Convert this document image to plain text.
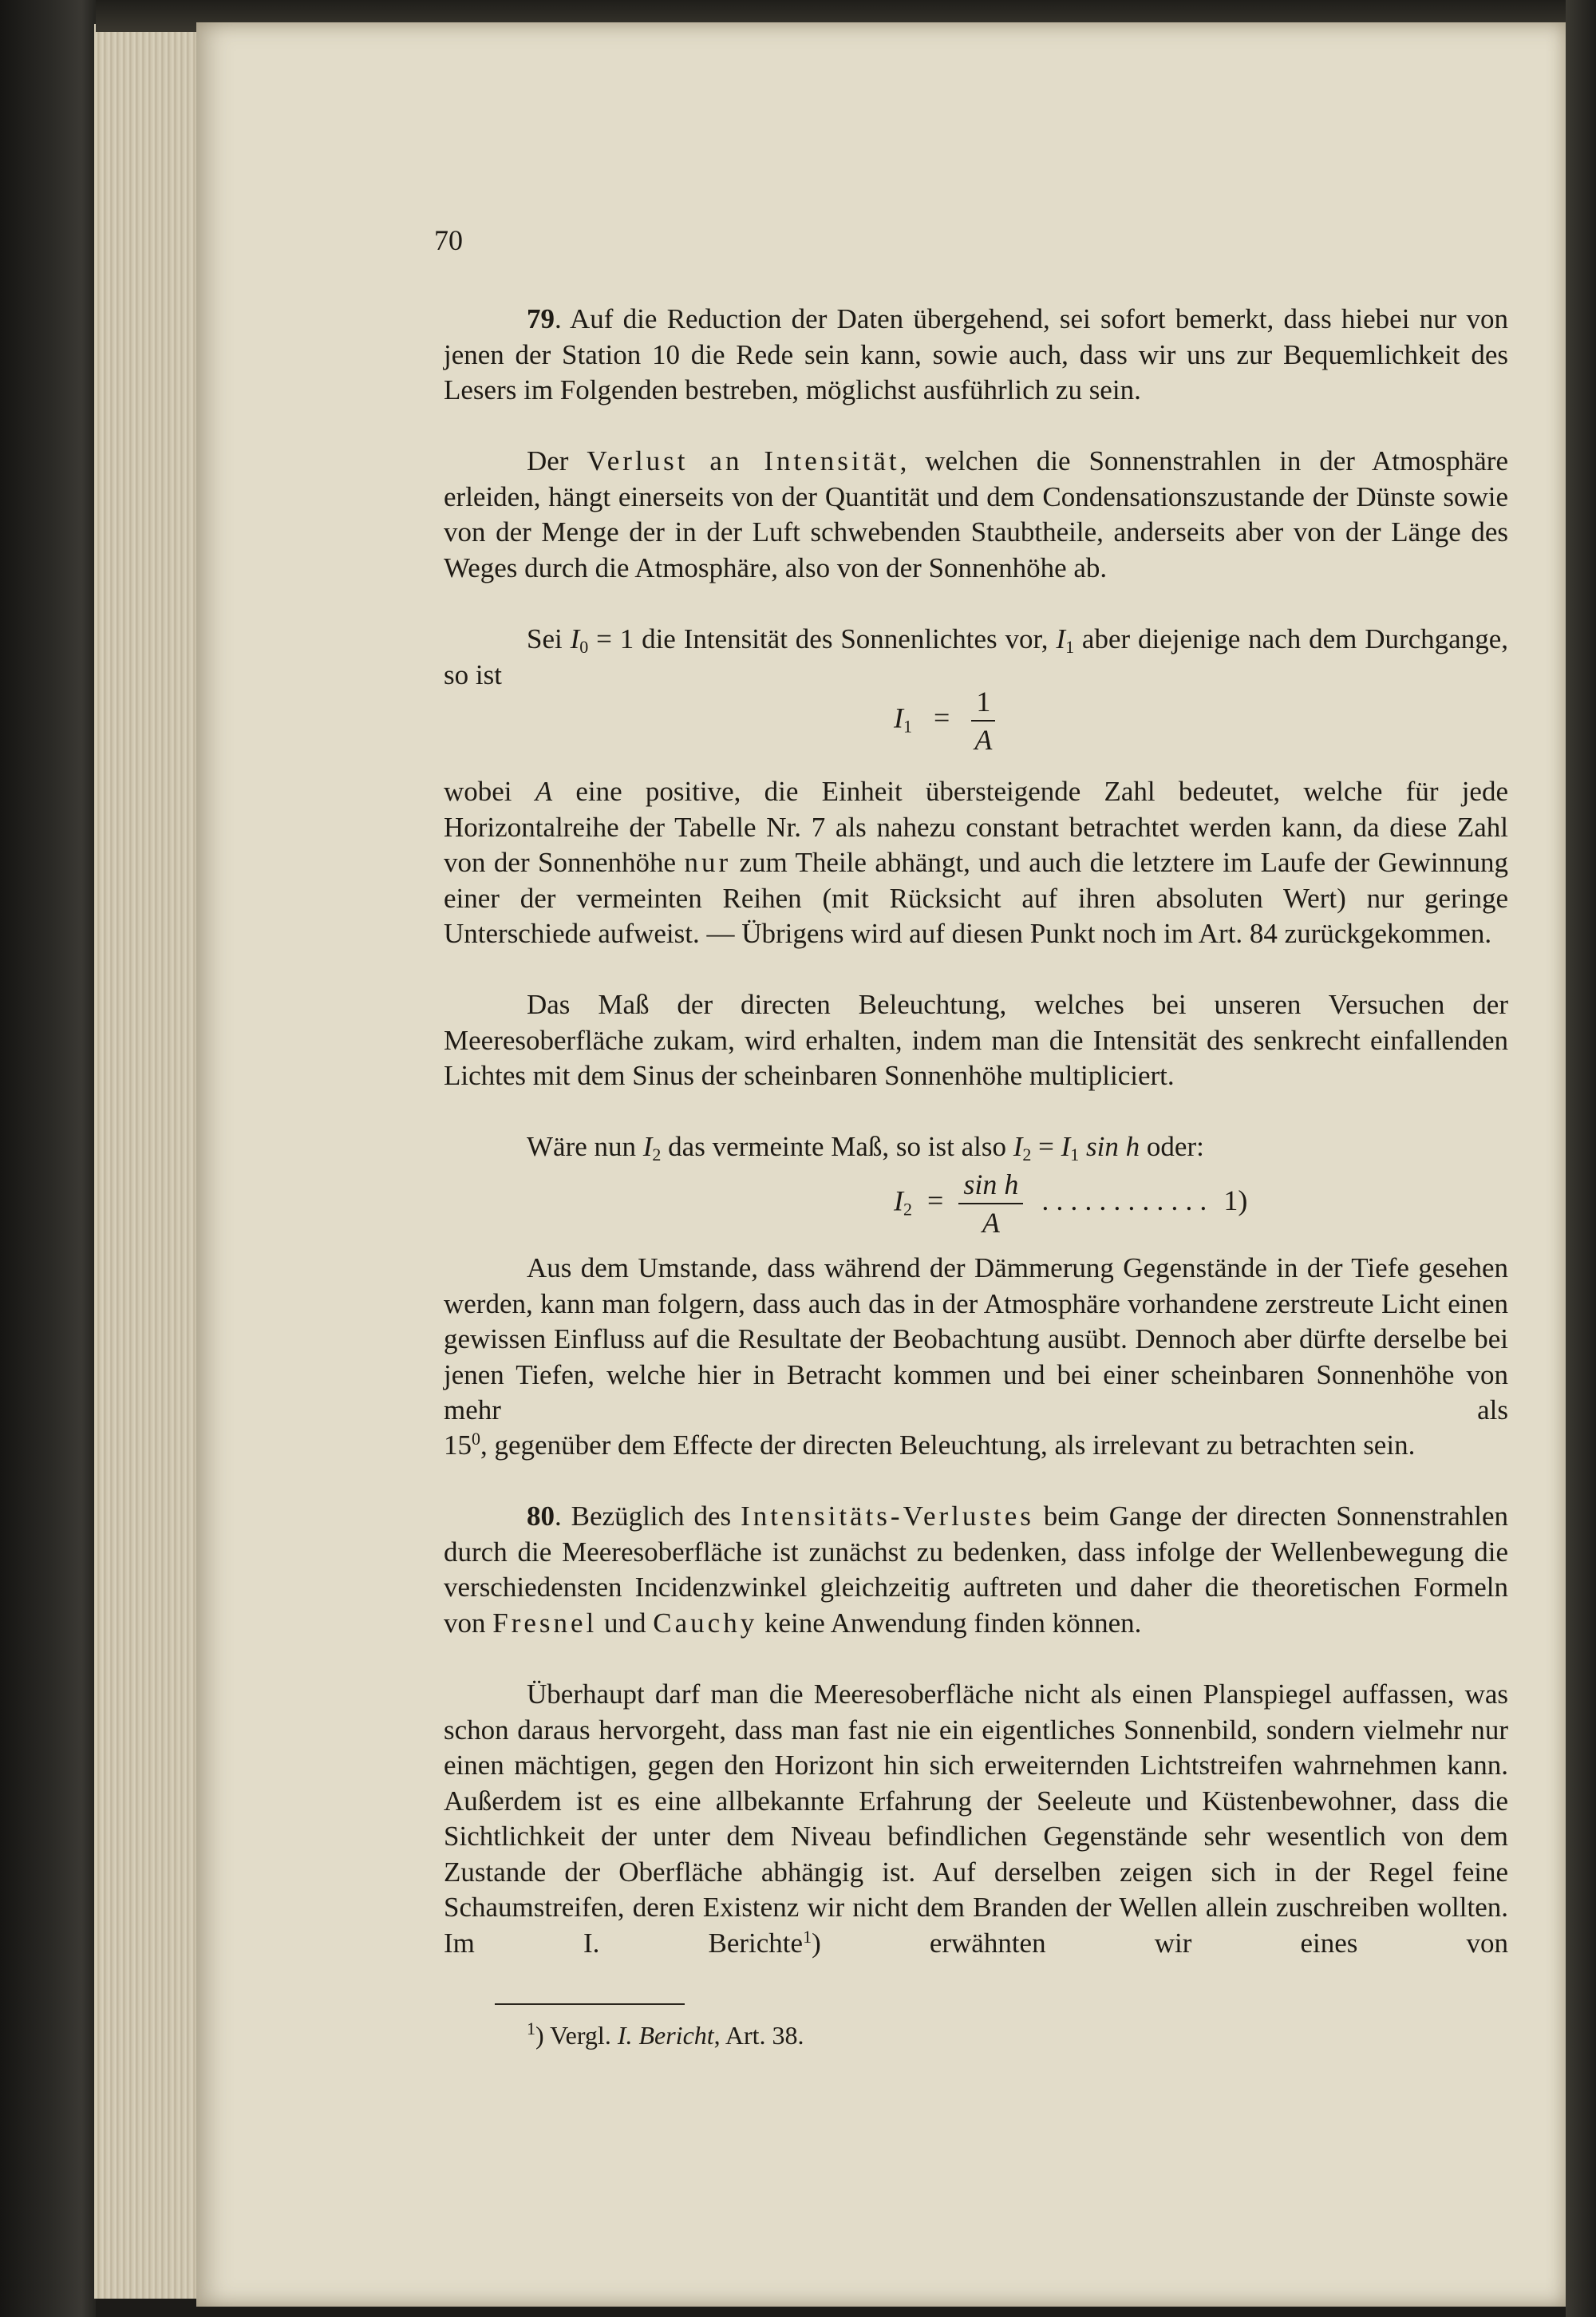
70

79. Auf die Reduction der Daten übergehend, sei sofort bemerkt, dass hiebei nur von jenen der Station 10 die Rede sein kann, sowie auch, dass wir uns zur Bequemlichkeit des Lesers im Folgenden bestreben, möglichst ausführlich zu sein.

Der Verlust an Intensität, welchen die Sonnenstrahlen in der Atmosphäre erleiden, hängt einerseits von der Quantität und dem Condensationszustande der Dünste sowie von der Menge der in der Luft schwebenden Staubtheile, anderseits aber von der Länge des Weges durch die Atmosphäre, also von der Sonnenhöhe ab.

Sei $I_0 = 1$ die Intensität des Sonnenlichtes vor, $I_1$ aber diejenige nach dem Durchgange, so ist

$I_1 = \frac{1}{A}$

wobei A eine positive, die Einheit übersteigende Zahl bedeutet, welche für jede Horizontalreihe der Tabelle Nr. 7 als nahezu constant betrachtet werden kann, da diese Zahl von der Sonnenhöhe nur zum Theile abhängt, und auch die letztere im Laufe der Gewinnung einer der vermeinten Reihen (mit Rücksicht auf ihren absoluten Wert) nur geringe Unterschiede aufweist. — Übrigens wird auf diesen Punkt noch im Art. 84 zurückgekommen.

Das Maß der directen Beleuchtung, welches bei unseren Versuchen der Meeresoberfläche zukam, wird erhalten, indem man die Intensität des senkrecht einfallenden Lichtes mit dem Sinus der scheinbaren Sonnenhöhe multipliciert.

Wäre nun $I_2$ das vermeinte Maß, so ist also $I_2 = I_1$ sin h oder:

$I_2 = \frac{\text{sin h}}{A}$ . . . . . . . . . . . . 1)

Aus dem Umstande, dass während der Dämmerung Gegenstände in der Tiefe gesehen werden, kann man folgern, dass auch das in der Atmosphäre vorhandene zerstreute Licht einen gewissen Einfluss auf die Resultate der Beobachtung ausübt. Dennoch aber dürfte derselbe bei jenen Tiefen, welche hier in Betracht kommen und bei einer scheinbaren Sonnenhöhe von mehr als

$15^0$, gegenüber dem Effecte der directen Beleuchtung, als irrelevant zu betrachten sein.

80. Bezüglich des Intensitäts-Verlustes beim Gange der directen Sonnenstrahlen durch die Meeresoberfläche ist zunächst zu bedenken, dass infolge der Wellenbewegung die verschiedensten Incidenzwinkel gleichzeitig auftreten und daher die theoretischen Formeln von Fresnel und Cauchy keine Anwendung finden können.

Überhaupt darf man die Meeresoberfläche nicht als einen Planspiegel auffassen, was schon daraus hervorgeht, dass man fast nie ein eigentliches Sonnenbild, sondern vielmehr nur einen mächtigen, gegen den Horizont hin sich erweiternden Lichtstreifen wahrnehmen kann. Außerdem ist es eine allbekannte Erfahrung der Seeleute und Küstenbewohner, dass die Sichtlichkeit der unter dem Niveau befindlichen Gegenstände sehr wesentlich von dem Zustande der Oberfläche abhängig ist. Auf derselben zeigen sich in der Regel feine Schaumstreifen, deren Existenz wir nicht dem Branden der Wellen allein zuschreiben wollten. Im I. Berichte$^1$) erwähnten wir eines von

$^1$) Vergl. I. Bericht, Art. 38.
